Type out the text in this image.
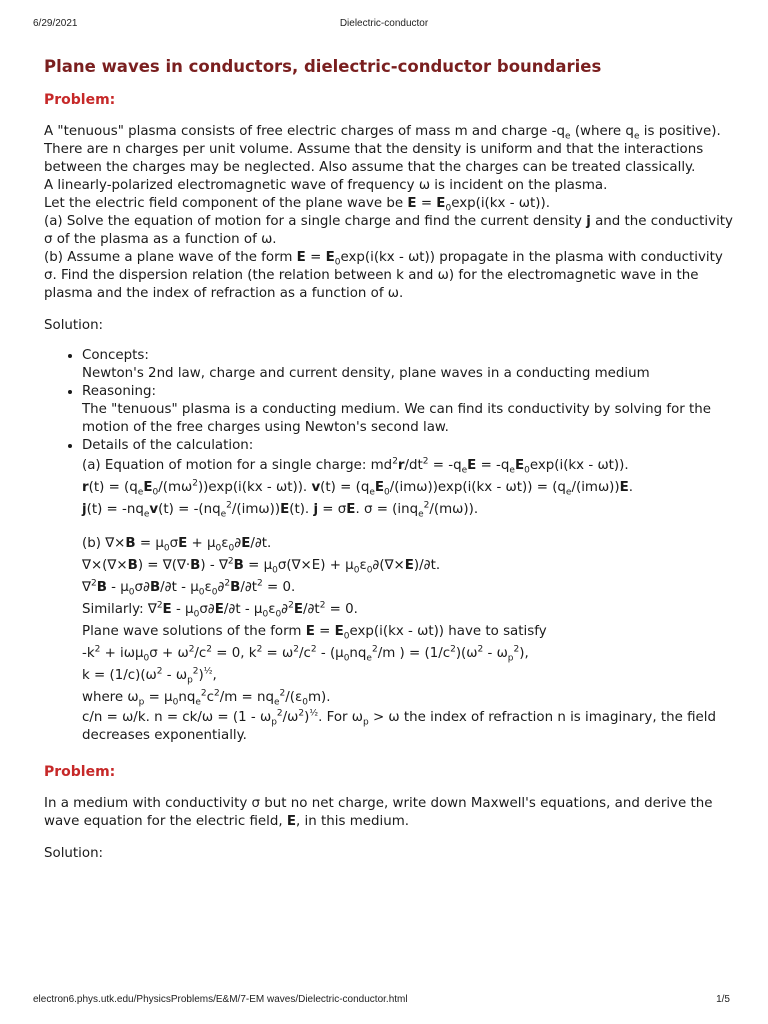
6/29/2021	Dielectric-conductor
Plane waves in conductors, dielectric-conductor boundaries
Problem:

A "tenuous" plasma consists of free electric charges of mass m and charge $-q_e$ (where $q_e$ is positive). There are n charges per unit volume. Assume that the density is uniform and that the interactions between the charges may be neglected. Also assume that the charges can be treated classically.

A linearly-polarized electromagnetic wave of frequency ω is incident on the plasma.

Let the electric field component of the plane wave be $E = E_0\exp(i(kx - \omega t))$.

(a) Solve the equation of motion for a single charge and find the current density j and the conductivity σ of the plasma as a function of ω.

(b) Assume a plane wave of the form $E = E_0\exp(i(kx - \omega t))$ propagate in the plasma with conductivity σ. Find the dispersion relation (the relation between k and ω) for the electromagnetic wave in the plasma and the index of refraction as a function of ω.

Solution:

• Concepts:
Newton's 2nd law, charge and current density, plane waves in a conducting medium
• Reasoning:
The "tenuous" plasma is a conducting medium. We can find its conductivity by solving for the motion of the free charges using Newton's second law.
• Details of the calculation:

(a) Equation of motion for a single charge: $md^2r/dt^2 = -q_eE = -q_eE_0\exp(i(kx - \omega t))$.

$r(t) = (q_eE_0/(m\omega^2))\exp(i(kx - \omega t))$. $v(t) = (q_eE_0/(im\omega))\exp(i(kx - \omega t)) = (q_e/(im\omega))E$.

$j(t) = -nq_ev(t) = -(nq_e^2/(im\omega))E(t)$. j = σE. σ = (inq$_e^2$/(mω)).

(b) $\nabla\times B = \mu_0\sigma E + \mu_0\varepsilon_0\partial E/\partial t$.

$\nabla\times(\nabla\times B) = \nabla(\nabla\cdot B) - \nabla^2B = \mu_0\sigma(\nabla\times E) + \mu_0\varepsilon_0\partial(\nabla\times E)/\partial t$.

$\nabla^2B - \mu_0\sigma\partial B/\partial t - \mu_0\varepsilon_0\partial^2B/\partial t^2 = 0$.

Similarly: $\nabla^2E - \mu_0\sigma\partial E/\partial t - \mu_0\varepsilon_0\partial^2E/\partial t^2 = 0$.

Plane wave solutions of the form $E = E_0\exp(i(kx - \omega t))$ have to satisfy

$-k^2 + i\omega\mu_0\sigma + \omega^2/c^2 = 0$, $k^2 = \omega^2/c^2 - (\mu_0nq_e^2/m$ ) = $(1/c^2)(\omega^2 - \omega_p^2)$,

$k = (1/c)(\omega^2 - \omega_p^2)^{\frac{1}{2}}$,

where $\omega_p = \mu_0nq_e^2c^2/m = nq_e^2/(\varepsilon_0m)$.

c/n = ω/k. $n = ck/\omega = (1 - \omega_p^2/\omega^2)^{\frac{1}{2}}$. For $\omega_p > \omega$ the index of refraction n is imaginary, the field decreases exponentially.

Problem:

In a medium with conductivity σ but no net charge, write down Maxwell's equations, and derive the wave equation for the electric field, E, in this medium.

Solution:

electron6.phys.utk.edu/PhysicsProblems/E&M/7-EM waves/Dielectric-conductor.html	1/5
